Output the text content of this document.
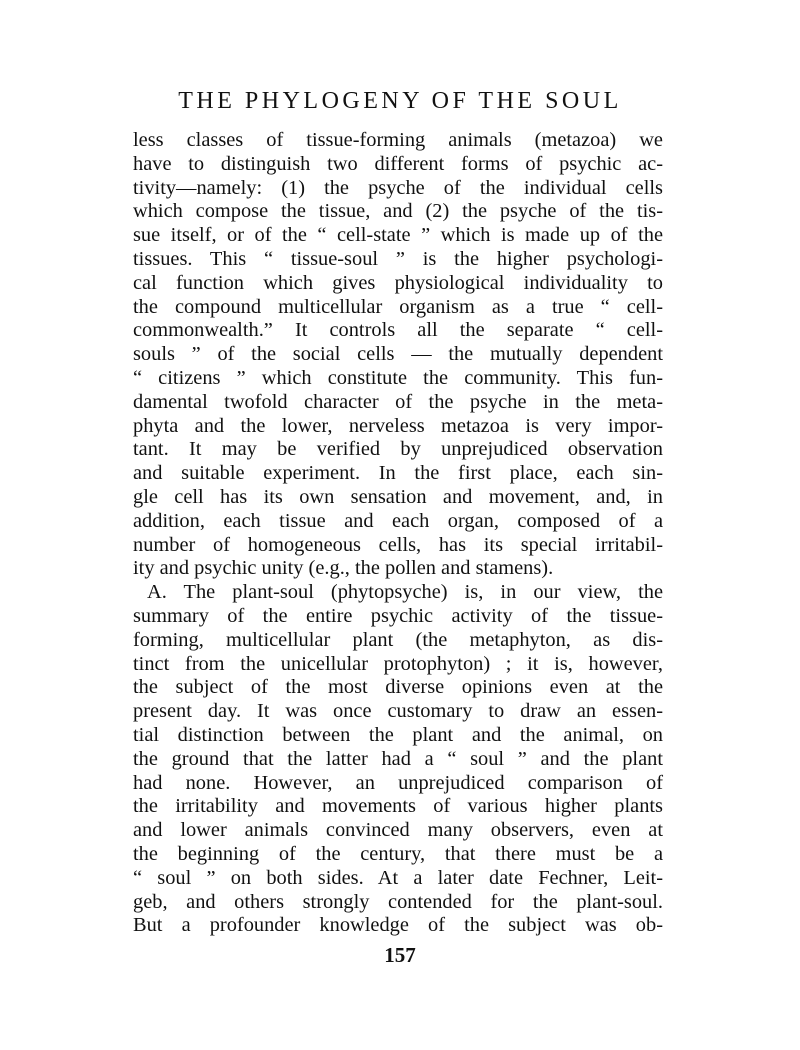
THE PHYLOGENY OF THE SOUL
less classes of tissue-forming animals (metazoa) we
have to distinguish two different forms of psychic ac-
tivity—namely: (1) the psyche of the individual cells
which compose the tissue, and (2) the psyche of the tis-
sue itself, or of the “ cell-state ” which is made up of the
tissues. This “ tissue-soul ” is the higher psychologi-
cal function which gives physiological individuality to
the compound multicellular organism as a true “ cell-
commonwealth.” It controls all the separate “ cell-
souls ” of the social cells — the mutually dependent
“ citizens ” which constitute the community. This fun-
damental twofold character of the psyche in the meta-
phyta and the lower, nerveless metazoa is very impor-
tant. It may be verified by unprejudiced observation
and suitable experiment. In the first place, each sin-
gle cell has its own sensation and movement, and, in
addition, each tissue and each organ, composed of a
number of homogeneous cells, has its special irritabil-
ity and psychic unity (e.g., the pollen and stamens).
A. The plant-soul (phytopsyche) is, in our view, the
summary of the entire psychic activity of the tissue-
forming, multicellular plant (the metaphyton, as dis-
tinct from the unicellular protophyton) ; it is, however,
the subject of the most diverse opinions even at the
present day. It was once customary to draw an essen-
tial distinction between the plant and the animal, on
the ground that the latter had a “ soul ” and the plant
had none. However, an unprejudiced comparison of
the irritability and movements of various higher plants
and lower animals convinced many observers, even at
the beginning of the century, that there must be a
“ soul ” on both sides. At a later date Fechner, Leit-
geb, and others strongly contended for the plant-soul.
But a profounder knowledge of the subject was ob-
157
